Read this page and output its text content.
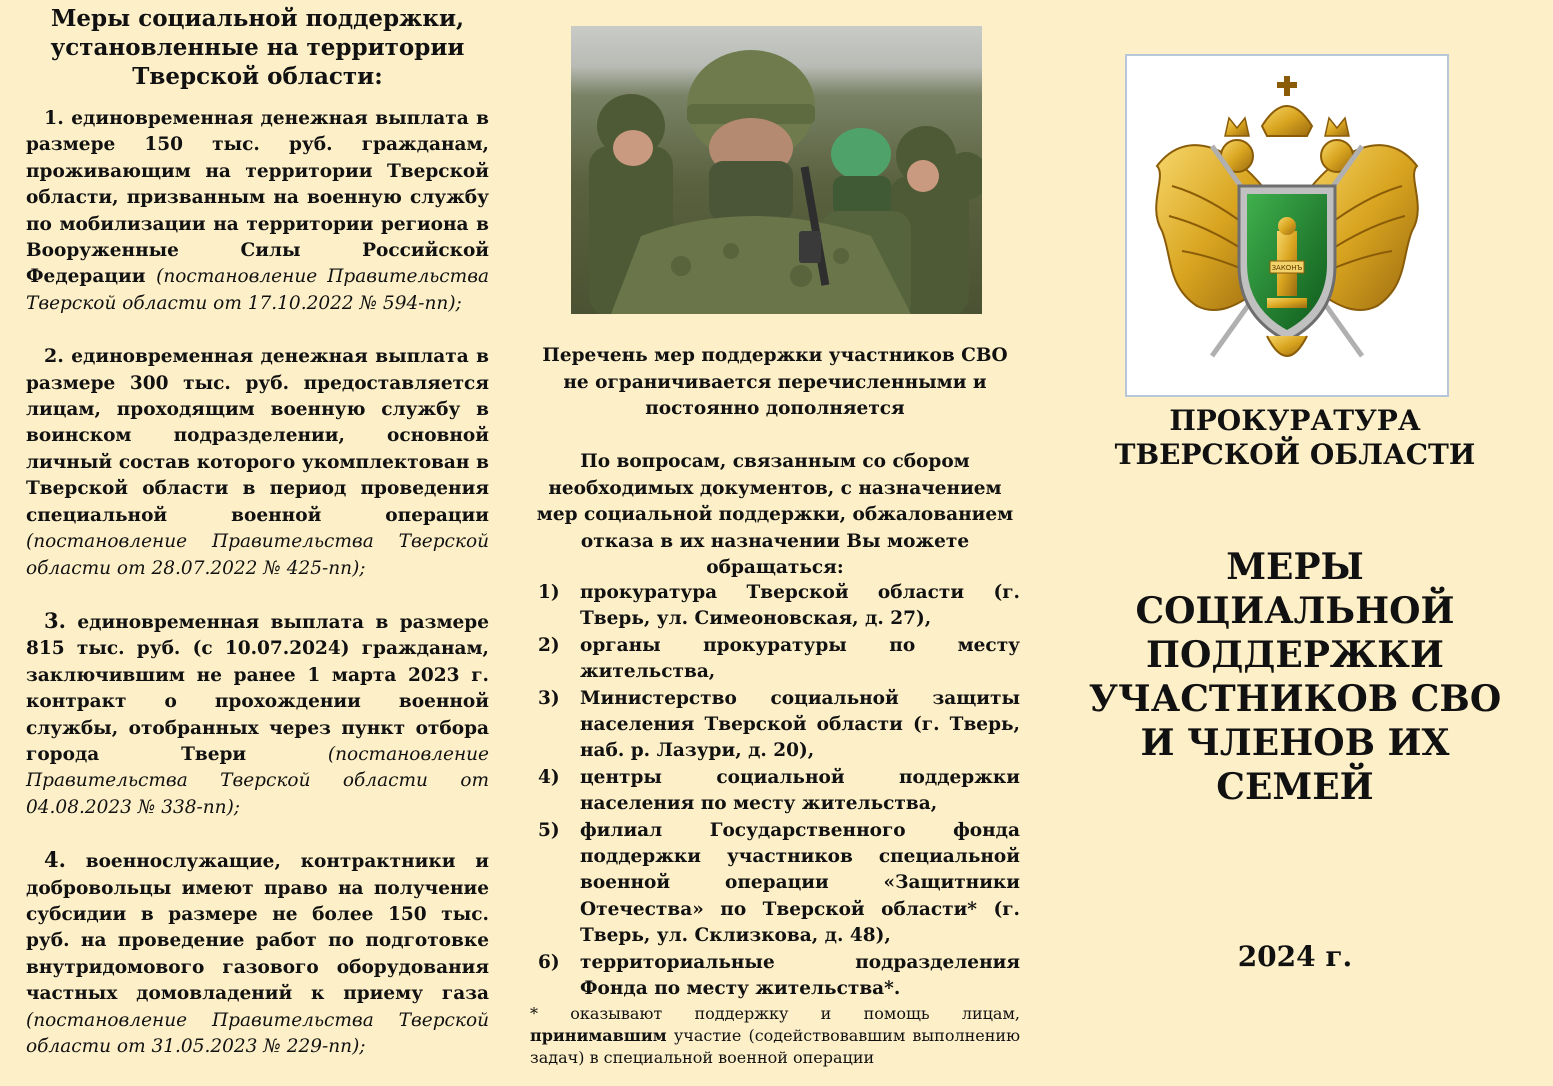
Меры социальной поддержки, установленные на территории Тверской области:

1. единовременная денежная выплата в размере 150 тыс. руб. гражданам, проживающим на территории Тверской области, призванным на военную службу по мобилизации на территории региона в Вооруженные Силы Российской Федерации (постановление Правительства Тверской области от 17.10.2022 № 594-пп);

2. единовременная денежная выплата в размере 300 тыс. руб. предоставляется лицам, проходящим военную службу в воинском подразделении, основной личный состав которого укомплектован в Тверской области в период проведения специальной военной операции (постановление Правительства Тверской области от 28.07.2022 № 425-пп);

3. единовременная выплата в размере 815 тыс. руб. (с 10.07.2024) гражданам, заключившим не ранее 1 марта 2023 г. контракт о прохождении военной службы, отобранных через пункт отбора города Твери (постановление Правительства Тверской области от 04.08.2023 № 338-пп);

4. военнослужащие, контрактники и добровольцы имеют право на получение субсидии в размере не более 150 тыс. руб. на проведение работ по подготовке внутридомового газового оборудования частных домовладений к приему газа (постановление Правительства Тверской области от 31.05.2023 № 229-пп);

Перечень мер поддержки участников СВО не ограничивается перечисленными и постоянно дополняется
По вопросам, связанным со сбором необходимых документов, с назначением мер социальной поддержки, обжалованием отказа в их назначении Вы можете обращаться:
1)	прокуратура Тверской области (г. Тверь, ул. Симеоновская, д. 27),
2)	органы прокуратуры по месту жительства,
3)	Министерство социальной защиты населения Тверской области (г. Тверь, наб. р. Лазури, д. 20),
4)	центры социальной поддержки населения по месту жительства,
5)	филиал Государственного фонда поддержки участников специальной военной операции «Защитники Отечества» по Тверской области* (г. Тверь, ул. Склизкова, д. 48),
6)	территориальные подразделения Фонда по месту жительства*.
* оказывают поддержку и помощь лицам, принимавшим участие (содействовавшим выполнению задач) в специальной военной операции
ЗАКОНЪ
ПРОКУРАТУРА
ТВЕРСКОЙ ОБЛАСТИ
МЕРЫ
СОЦИАЛЬНОЙ
ПОДДЕРЖКИ
УЧАСТНИКОВ СВО
И ЧЛЕНОВ ИХ СЕМЕЙ
2024 г.
